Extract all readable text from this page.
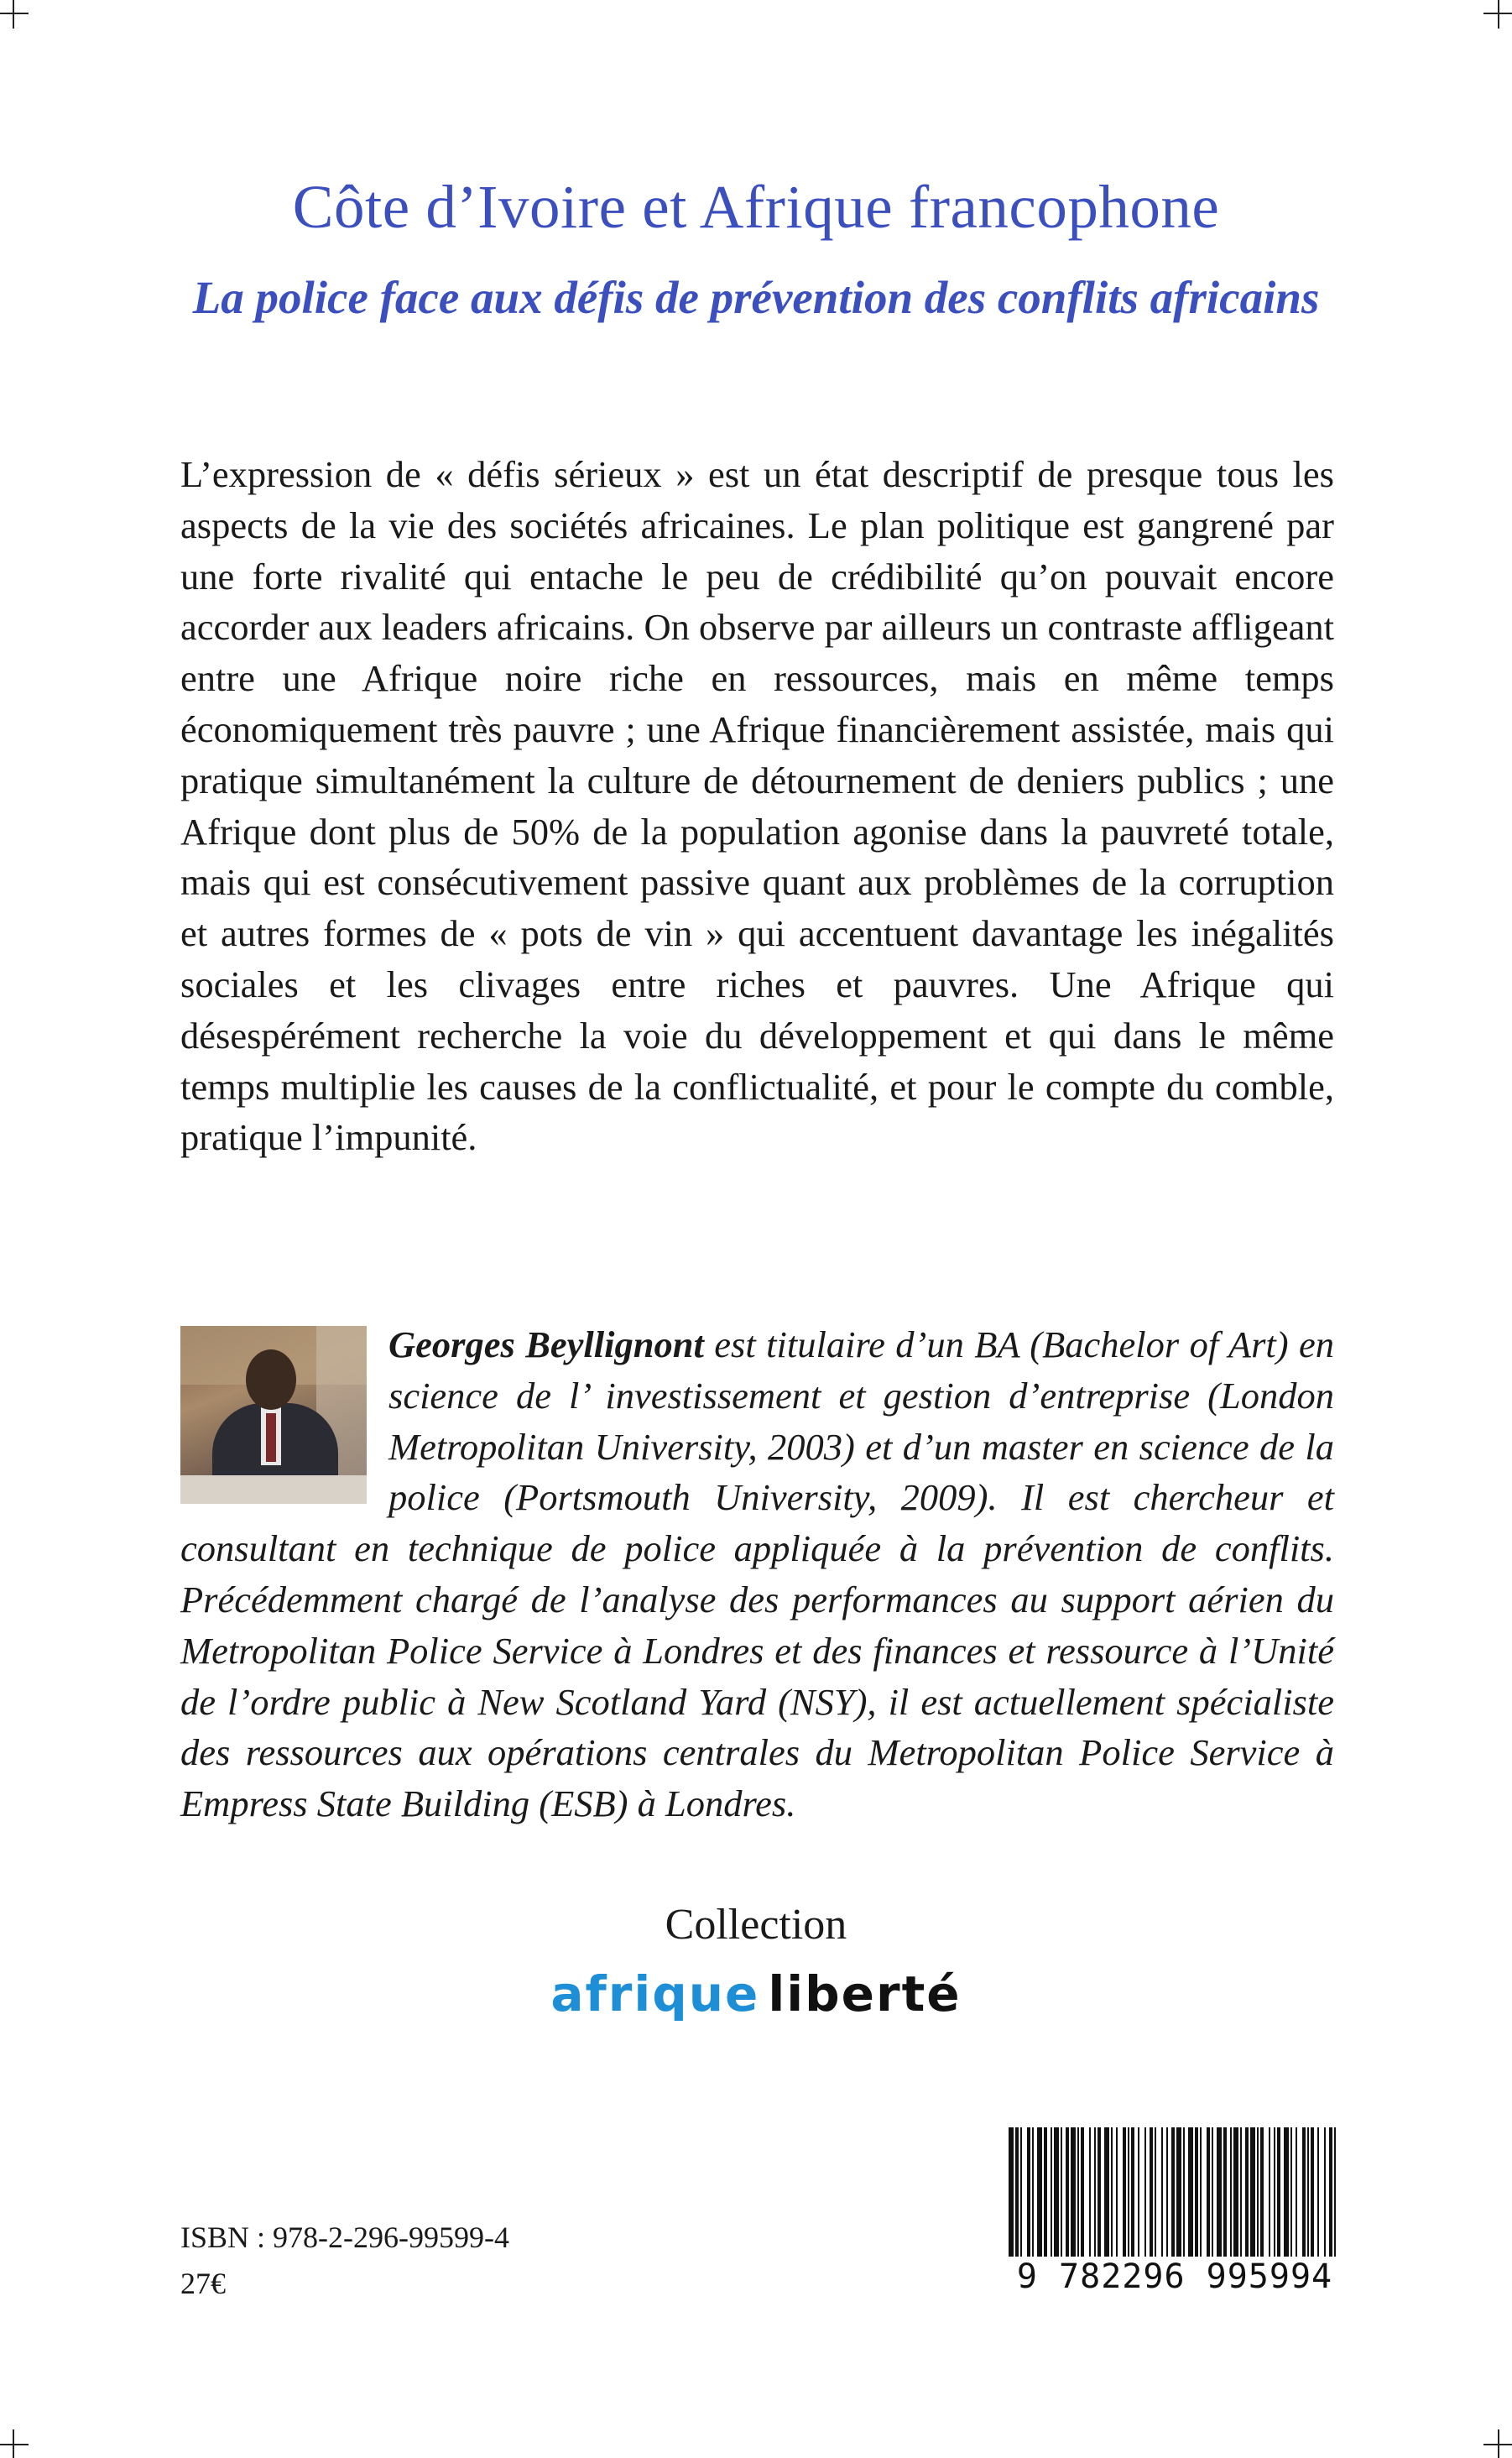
Côte d’Ivoire et Afrique francophone
La police face aux défis de prévention des conflits africains

L’expression de « défis sérieux » est un état descriptif de presque tous les aspects de la vie des sociétés africaines. Le plan politique est gangrené par une forte rivalité qui entache le peu de crédibilité qu’on pouvait encore accorder aux leaders africains. On observe par ailleurs un contraste affligeant entre une Afrique noire riche en ressources, mais en même temps économiquement très pauvre ; une Afrique financièrement assistée, mais qui pratique simultanément la culture de détournement de deniers publics ; une Afrique dont plus de 50% de la population agonise dans la pauvreté totale, mais qui est consécutivement passive quant aux problèmes de la corruption et autres formes de « pots de vin » qui accentuent davantage les inégalités sociales et les clivages entre riches et pauvres. Une Afrique qui désespérément recherche la voie du développement et qui dans le même temps multiplie les causes de la conflictualité, et pour le compte du comble, pratique l’impunité.

Georges Beyllignont est titulaire d’un BA (Bachelor of Art) en science de l’ investissement et gestion d’entreprise (London Metropolitan University, 2003) et d’un master en science de la police (Portsmouth University, 2009). Il est chercheur et consultant en technique de police appliquée à la prévention de conflits. Précédemment chargé de l’analyse des performances au support aérien du Metropolitan Police Service à Londres et des finances et ressource à l’Unité de l’ordre public à New Scotland Yard (NSY), il est actuellement spécialiste des ressources aux opérations centrales du Metropolitan Police Service à Empress State Building (ESB) à Londres.

Collection

afrique liberté

ISBN : 978-2-296-99599-4

27€	9 782296 995994
